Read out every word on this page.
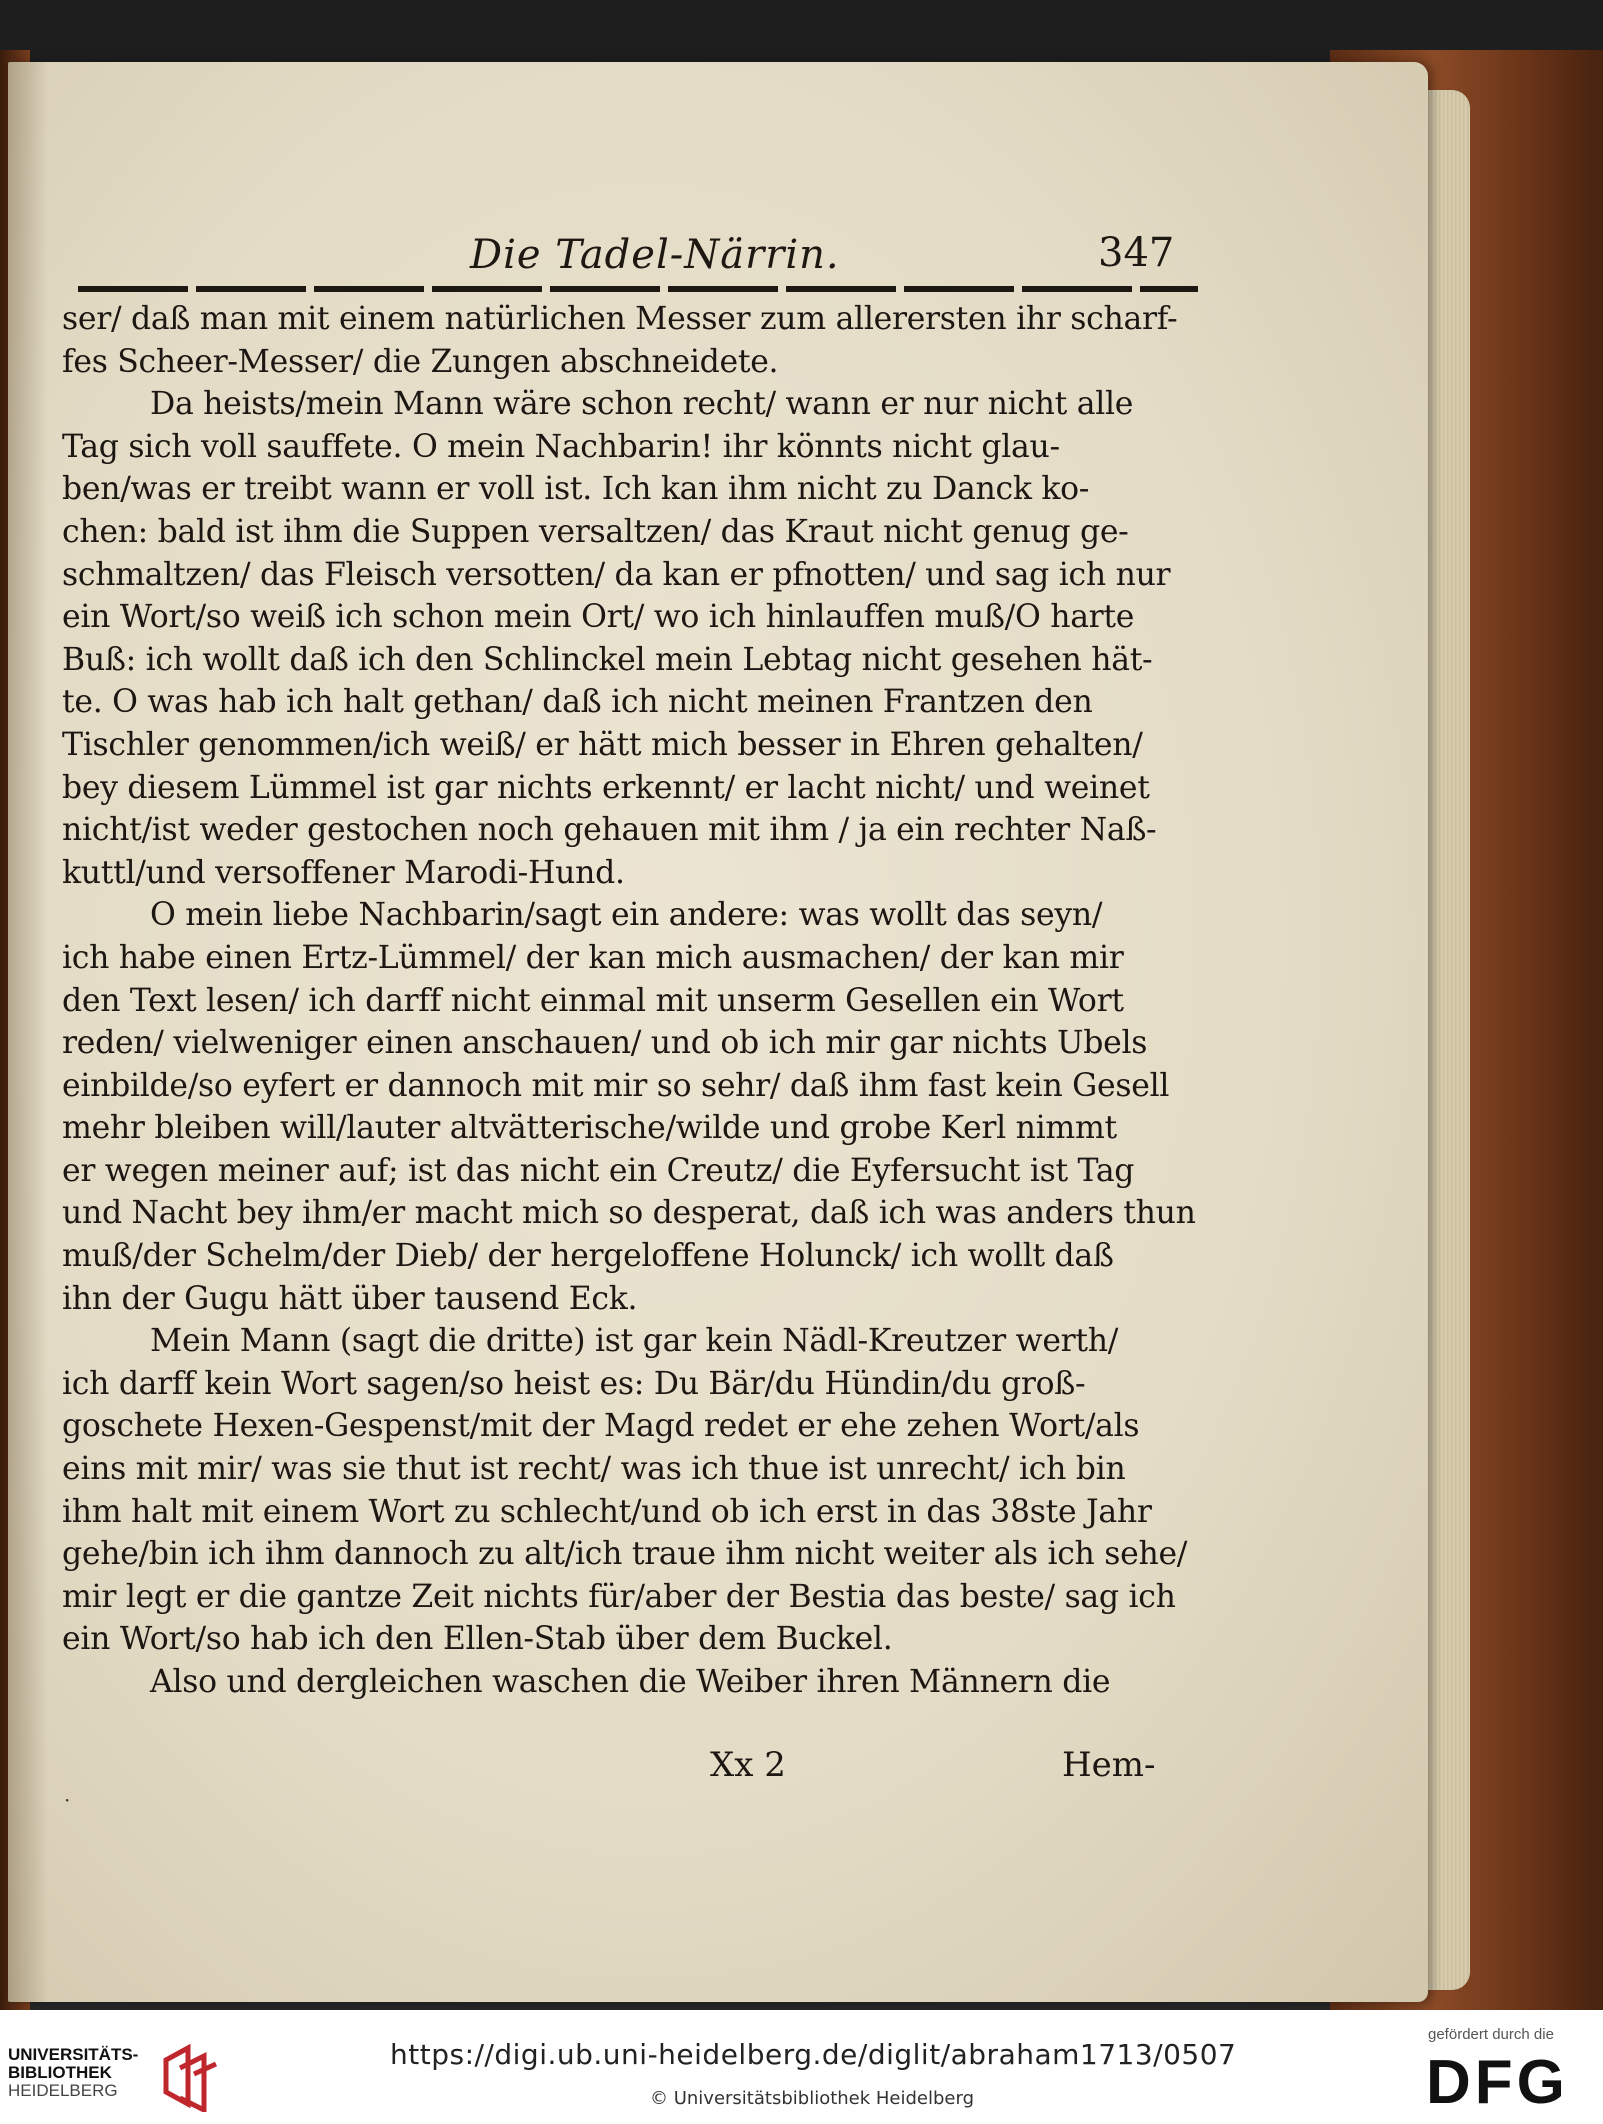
Die Tadel-Närrin.	347
ser/ daß man mit einem natürlichen Messer zum allerersten ihr scharf-
fes Scheer-Messer/ die Zungen abschneidete.
Da heists/mein Mann wäre schon recht/ wann er nur nicht alle
Tag sich voll sauffete. O mein Nachbarin! ihr könnts nicht glau-
ben/was er treibt wann er voll ist. Ich kan ihm nicht zu Danck ko-
chen: bald ist ihm die Suppen versaltzen/ das Kraut nicht genug ge-
schmaltzen/ das Fleisch versotten/ da kan er pfnotten/ und sag ich nur
ein Wort/so weiß ich schon mein Ort/ wo ich hinlauffen muß/O harte
Buß: ich wollt daß ich den Schlinckel mein Lebtag nicht gesehen hät-
te. O was hab ich halt gethan/ daß ich nicht meinen Frantzen den
Tischler genommen/ich weiß/ er hätt mich besser in Ehren gehalten/
bey diesem Lümmel ist gar nichts erkennt/ er lacht nicht/ und weinet
nicht/ist weder gestochen noch gehauen mit ihm / ja ein rechter Naß-
kuttl/und versoffener Marodi-Hund.
O mein liebe Nachbarin/sagt ein andere: was wollt das seyn/
ich habe einen Ertz-Lümmel/ der kan mich ausmachen/ der kan mir
den Text lesen/ ich darff nicht einmal mit unserm Gesellen ein Wort
reden/ vielweniger einen anschauen/ und ob ich mir gar nichts Ubels
einbilde/so eyfert er dannoch mit mir so sehr/ daß ihm fast kein Gesell
mehr bleiben will/lauter altvätterische/wilde und grobe Kerl nimmt
er wegen meiner auf; ist das nicht ein Creutz/ die Eyfersucht ist Tag
und Nacht bey ihm/er macht mich so desperat, daß ich was anders thun
muß/der Schelm/der Dieb/ der hergeloffene Holunck/ ich wollt daß
ihn der Gugu hätt über tausend Eck.
Mein Mann (sagt die dritte) ist gar kein Nädl-Kreutzer werth/
ich darff kein Wort sagen/so heist es: Du Bär/du Hündin/du groß-
goschete Hexen-Gespenst/mit der Magd redet er ehe zehen Wort/als
eins mit mir/ was sie thut ist recht/ was ich thue ist unrecht/ ich bin
ihm halt mit einem Wort zu schlecht/und ob ich erst in das 38ste Jahr
gehe/bin ich ihm dannoch zu alt/ich traue ihm nicht weiter als ich sehe/
mir legt er die gantze Zeit nichts für/aber der Bestia das beste/ sag ich
ein Wort/so hab ich den Ellen-Stab über dem Buckel.
Also und dergleichen waschen die Weiber ihren Männern die
Xx 2	Hem-
·
UNIVERSITÄTS-
BIBLIOTHEK
HEIDELBERG
https://digi.ub.uni-heidelberg.de/diglit/abraham1713/0507
© Universitätsbibliothek Heidelberg
gefördert durch die
DFG
